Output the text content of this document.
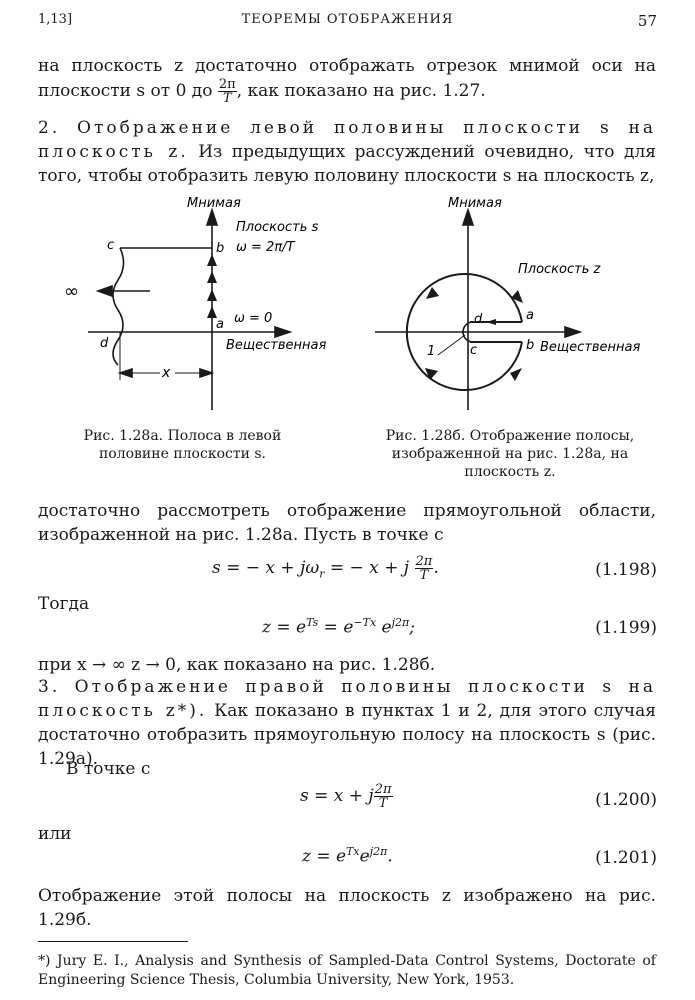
1,13]	ТЕОРЕМЫ ОТОБРАЖЕНИЯ	57
на плоскость z достаточно отображать отрезок мнимой оси на плоскости s от 0 до $\frac{2\pi}{T}$ , как показано на рис. 1.27.
2. Отображение левой половины плоскости s на плоскость z. Из предыдущих рассуждений очевидно, что для того, чтобы отобразить левую половину плоскости s на плоскость z,
Мнимая
Плоскость s
ω = 2π/T
ω = 0
Вещественная
b
a
c
d
∞
x
Мнимая
Плоскость z
Вещественная
a
b
d
c
1
Рис. 1.28а. Полоса в левой половине плоскости s.
Рис. 1.28б. Отображение полосы, изображенной на рис. 1.28а, на плоскость z.
достаточно рассмотреть отображение прямоугольной области, изображенной на рис. 1.28а. Пусть в точке c
s = − $x + j\omega_r$ = − x + j $\frac{2\pi}{T}$ .	(1.198)
Тогда
$z = e^{Ts} = e^{-Tx}$ $e^{j2\pi}$;	(1.199)
при x → ∞ z → 0, как показано на рис. 1.28б.
3. Отображение правой половины плоскости s на плоскость z*). Как показано в пунктах 1 и 2, для этого случая достаточно отобразить прямоугольную полосу на плоскость s (рис. 1.29а).
В точке c
s = x + j $\frac{2\pi}{T}$	(1.200)
или
$z = e^{Tx}e^{j2\pi}$.	(1.201)
Отображение этой полосы на плоскость z изображено на рис. 1.29б.
*) Jury E. I., Analysis and Synthesis of Sampled-Data Control Systems, Doctorate of Engineering Science Thesis, Columbia University, New York, 1953.
